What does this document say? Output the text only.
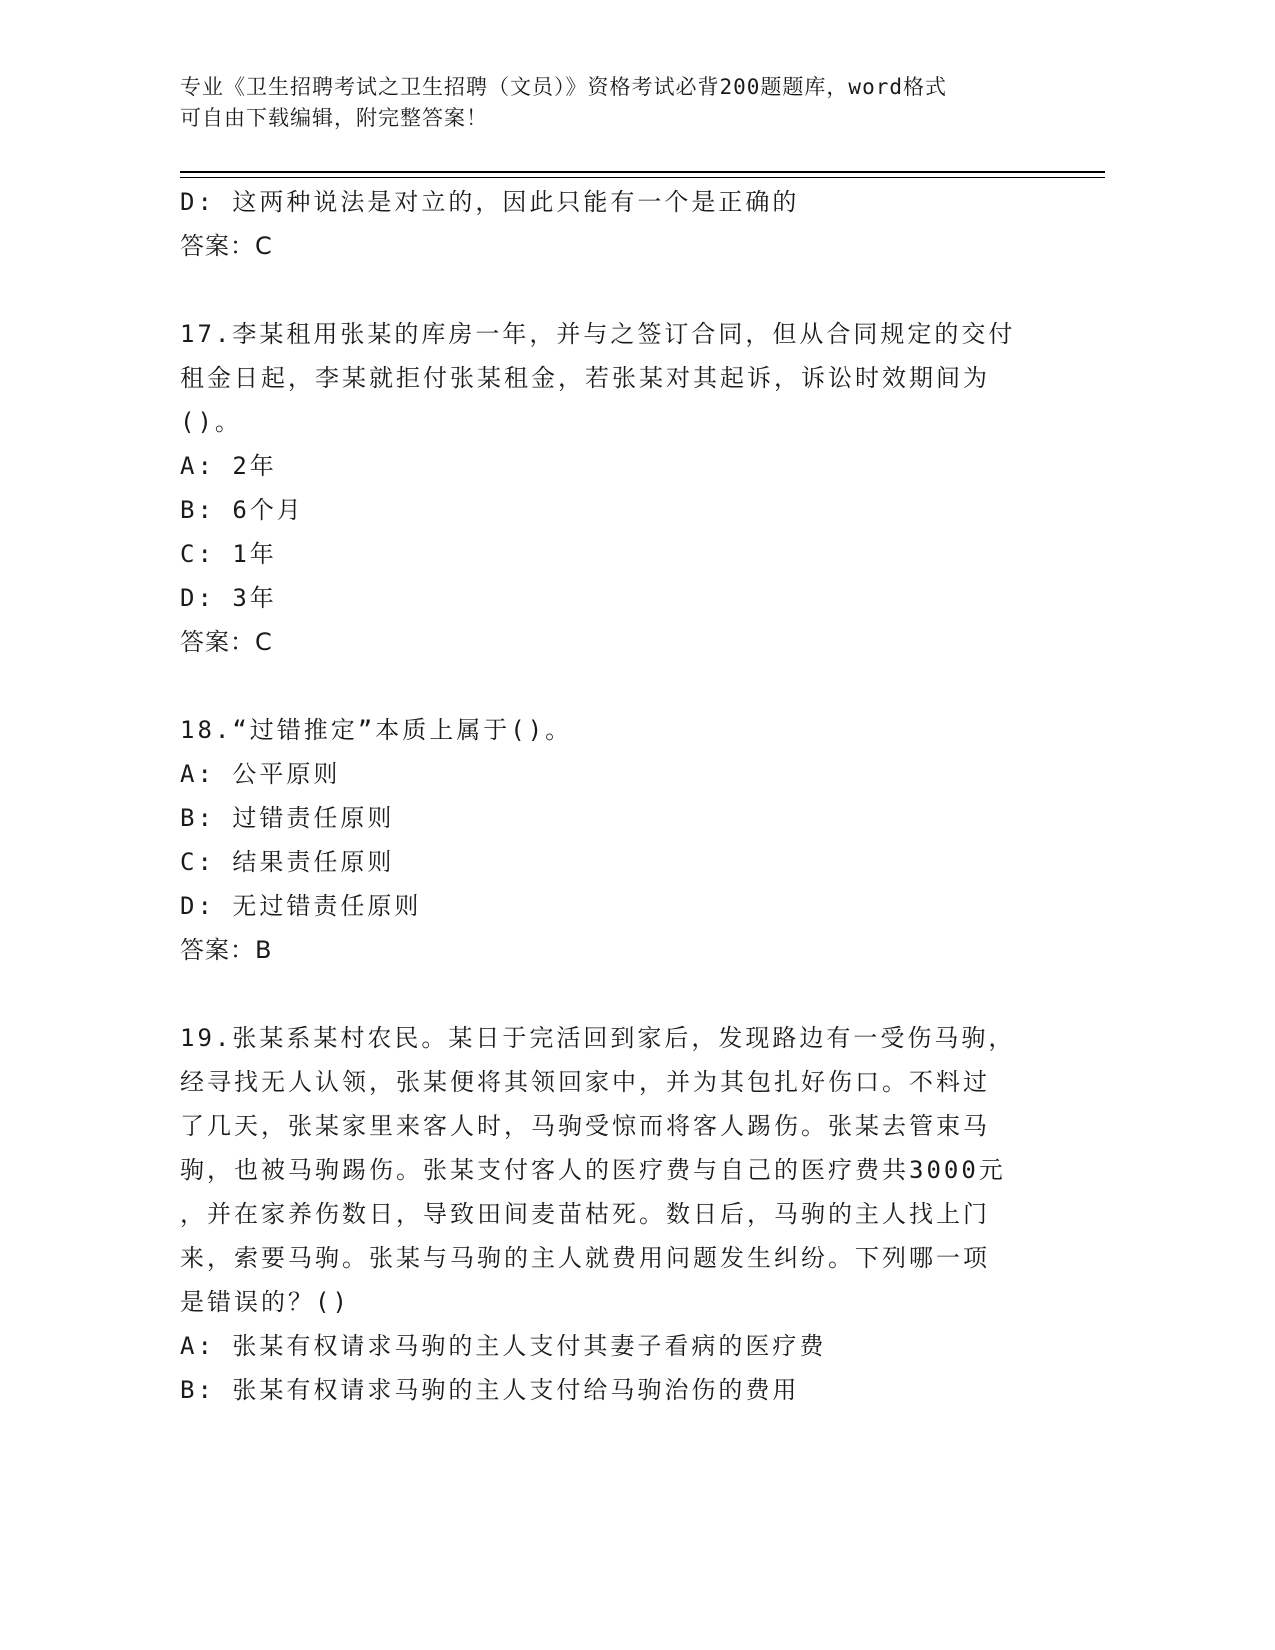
专业《卫生招聘考试之卫生招聘（文员）》资格考试必背200题题库，word格式
可自由下载编辑，附完整答案！
D: 这两种说法是对立的，因此只能有一个是正确的
答案：C
17.李某租用张某的库房一年，并与之签订合同，但从合同规定的交付
租金日起，李某就拒付张某租金，若张某对其起诉，诉讼时效期间为
()。
A: 2年
B: 6个月
C: 1年
D: 3年
答案：C
18.“过错推定”本质上属于()。
A: 公平原则
B: 过错责任原则
C: 结果责任原则
D: 无过错责任原则
答案：B
19.张某系某村农民。某日于完活回到家后，发现路边有一受伤马驹，
经寻找无人认领，张某便将其领回家中，并为其包扎好伤口。不料过
了几天，张某家里来客人时，马驹受惊而将客人踢伤。张某去管束马
驹，也被马驹踢伤。张某支付客人的医疗费与自己的医疗费共3000元
，并在家养伤数日，导致田间麦苗枯死。数日后，马驹的主人找上门
来，索要马驹。张某与马驹的主人就费用问题发生纠纷。下列哪一项
是错误的？()
A: 张某有权请求马驹的主人支付其妻子看病的医疗费
B: 张某有权请求马驹的主人支付给马驹治伤的费用
